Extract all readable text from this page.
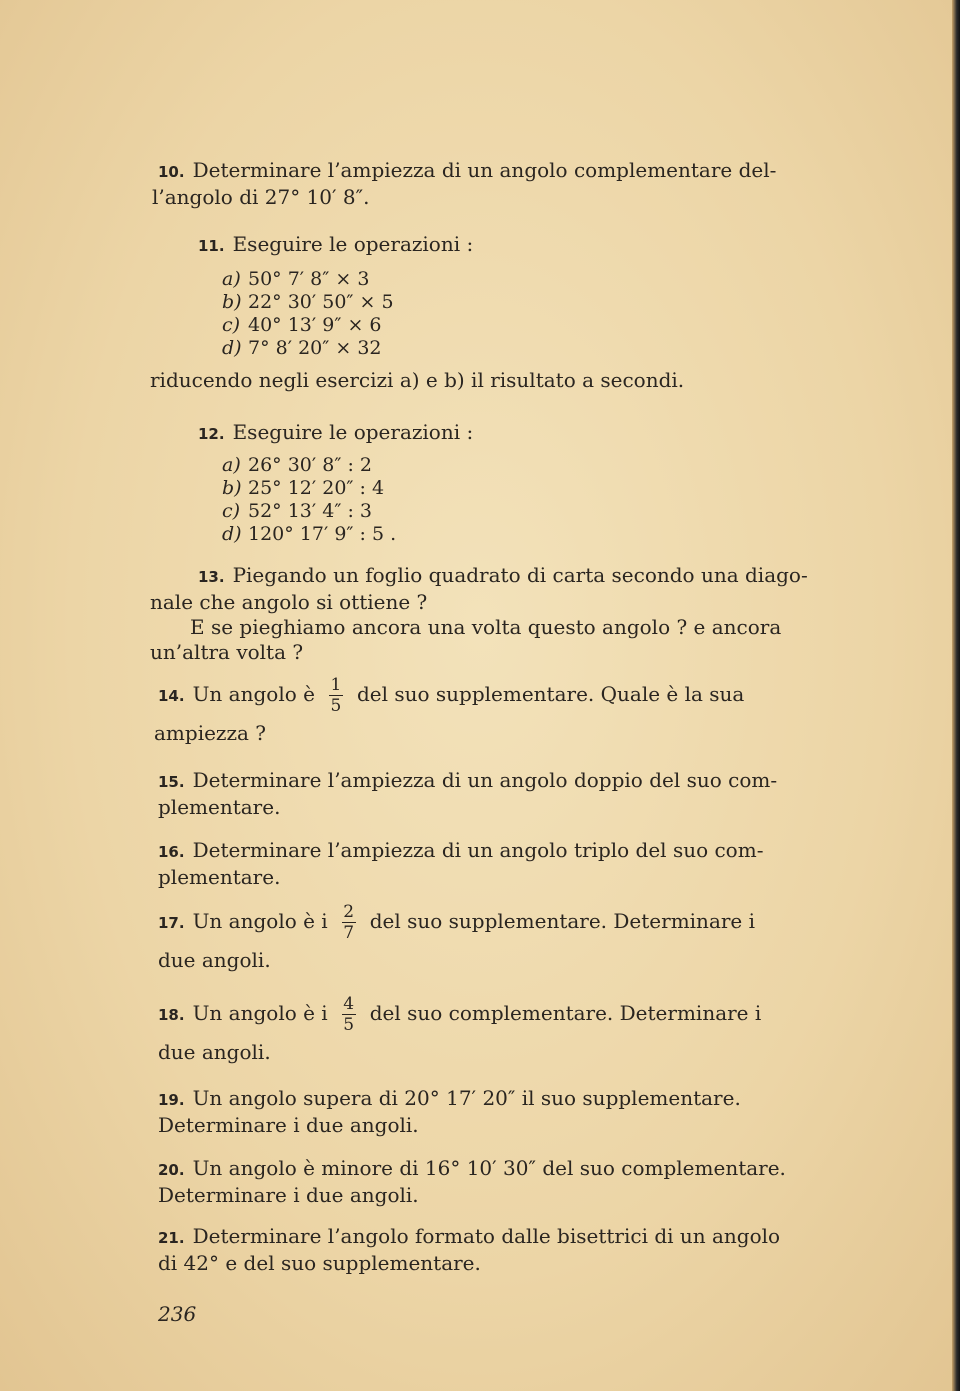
10. Determinare l’ampiezza di un angolo complementare del-
l’angolo di 27° 10′ 8″.
11. Eseguire le operazioni :
a) 50° 7′ 8″ × 3
b) 22° 30′ 50″ × 5
c) 40° 13′ 9″ × 6
d) 7° 8′ 20″ × 32
riducendo negli esercizi a) e b) il risultato a secondi.
12. Eseguire le operazioni :
a) 26° 30′ 8″ : 2
b) 25° 12′ 20″ : 4
c) 52° 13′ 4″ : 3
d) 120° 17′ 9″ : 5 .
13. Piegando un foglio quadrato di carta secondo una diago-
nale che angolo si ottiene ?
E se pieghiamo ancora una volta questo angolo ? e ancora
un’altra volta ?
14. Un angolo è $\frac{1}{5}$ del suo supplementare. Quale è la sua
ampiezza ?
15. Determinare l’ampiezza di un angolo doppio del suo com-
plementare.
16. Determinare l’ampiezza di un angolo triplo del suo com-
plementare.
17. Un angolo è i $\frac{2}{7}$ del suo supplementare. Determinare i
due angoli.
18. Un angolo è i $\frac{4}{5}$ del suo complementare. Determinare i
due angoli.
19. Un angolo supera di 20° 17′ 20″ il suo supplementare.
Determinare i due angoli.
20. Un angolo è minore di 16° 10′ 30″ del suo complementare.
Determinare i due angoli.
21. Determinare l’angolo formato dalle bisettrici di un angolo
di 42° e del suo supplementare.
236
